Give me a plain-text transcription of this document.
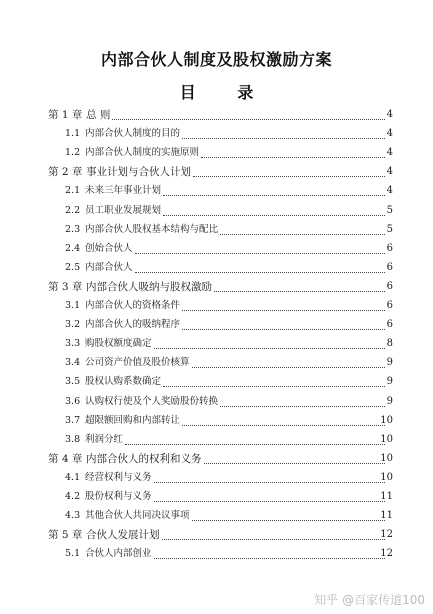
内部合伙人制度及股权激励方案
目 录
第 1 章 总 则	4
1.1 内部合伙人制度的目的	4
1.2 内部合伙人制度的实施原则	4
第 2 章 事业计划与合伙人计划	4
2.1 未来三年事业计划	4
2.2 员工职业发展规划	5
2.3 内部合伙人股权基本结构与配比	5
2.4 创始合伙人	6
2.5 内部合伙人	6
第 3 章 内部合伙人吸纳与股权激励	6
3.1 内部合伙人的资格条件	6
3.2 内部合伙人的吸纳程序	6
3.3 购股权额度确定	8
3.4 公司资产价值及股价核算	9
3.5 股权认购系数确定	9
3.6 认购权行使及个人奖励股份转换	9
3.7 超限额回购和内部转让	10
3.8 利润分红	10
第 4 章 内部合伙人的权利和义务	10
4.1 经营权利与义务	10
4.2 股份权利与义务	11
4.3 其他合伙人共同决议事项	11
第 5 章 合伙人发展计划	12
5.1 合伙人内部创业	12
知乎 @百家传道100
